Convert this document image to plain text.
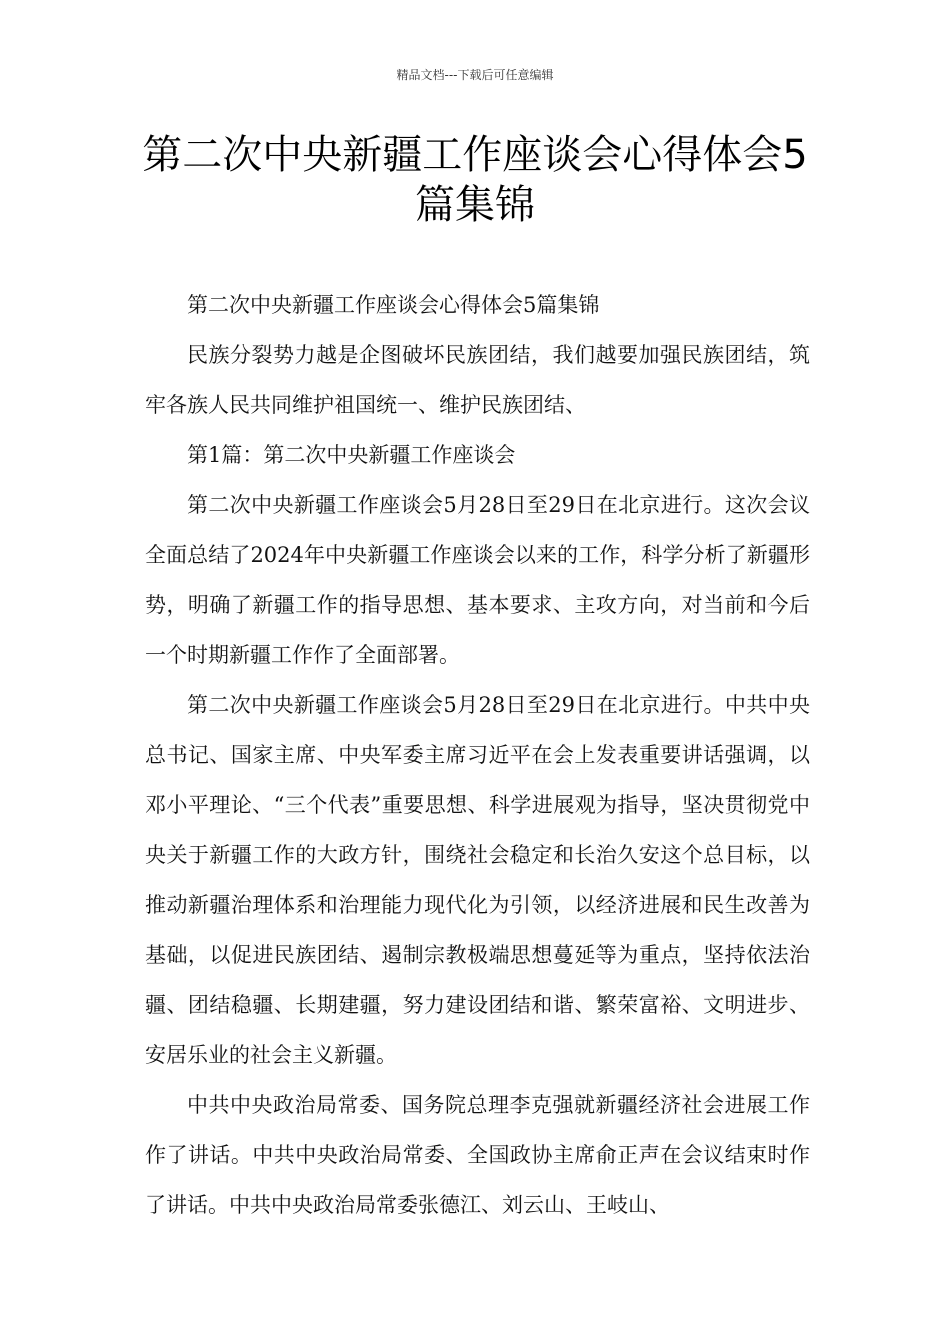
精品文档---下载后可任意编辑
第二次中央新疆工作座谈会心得体会5篇集锦

第二次中央新疆工作座谈会心得体会5篇集锦

民族分裂势力越是企图破坏民族团结，我们越要加强民族团结，筑牢各族人民共同维护祖国统一、维护民族团结、

第1篇：第二次中央新疆工作座谈会

第二次中央新疆工作座谈会5月28日至29日在北京进行。这次会议全面总结了2024年中央新疆工作座谈会以来的工作，科学分析了新疆形势，明确了新疆工作的指导思想、基本要求、主攻方向，对当前和今后一个时期新疆工作作了全面部署。

第二次中央新疆工作座谈会5月28日至29日在北京进行。中共中央总书记、国家主席、中央军委主席习近平在会上发表重要讲话强调，以邓小平理论、“三个代表”重要思想、科学进展观为指导，坚决贯彻党中央关于新疆工作的大政方针，围绕社会稳定和长治久安这个总目标，以推动新疆治理体系和治理能力现代化为引领，以经济进展和民生改善为基础，以促进民族团结、遏制宗教极端思想蔓延等为重点，坚持依法治疆、团结稳疆、长期建疆，努力建设团结和谐、繁荣富裕、文明进步、安居乐业的社会主义新疆。

中共中央政治局常委、国务院总理李克强就新疆经济社会进展工作作了讲话。中共中央政治局常委、全国政协主席俞正声在会议结束时作了讲话。中共中央政治局常委张德江、刘云山、王岐山、
